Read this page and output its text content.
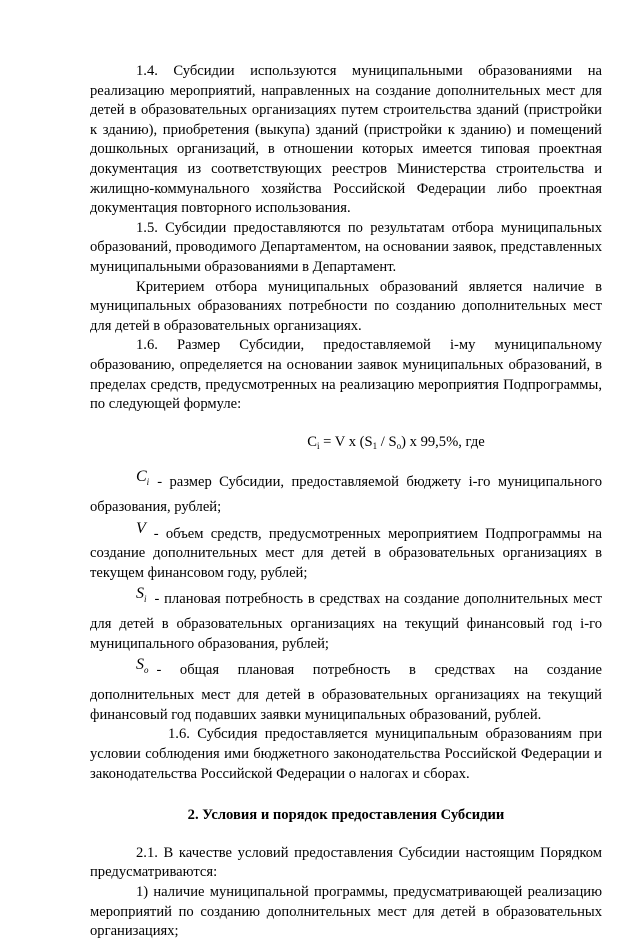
1.4. Субсидии используются муниципальными образованиями на реализацию мероприятий, направленных на создание дополнительных мест для детей в образовательных организациях путем строительства зданий (пристройки к зданию), приобретения (выкупа) зданий (пристройки к зданию) и помещений дошкольных организаций, в отношении которых имеется типовая проектная документация из соответствующих реестров Министерства строительства и жилищно-коммунального хозяйства Российской Федерации либо проектная документация повторного использования.

1.5. Субсидии предоставляются по результатам отбора муниципальных образований, проводимого Департаментом, на основании заявок, представленных муниципальными образованиями в Департамент.

Критерием отбора муниципальных образований является наличие в муниципальных образованиях потребности по созданию дополнительных мест для детей в образовательных организациях.

1.6. Размер Субсидии, предоставляемой i-му муниципальному образованию, определяется на основании заявок муниципальных образований, в пределах средств, предусмотренных на реализацию мероприятия Подпрограммы, по следующей формуле:

$C_i = V$ x $(S_1 / S_o)$ x 99,5%, где

$C_i$ - размер Субсидии, предоставляемой бюджету i-го муниципального образования, рублей;

V - объем средств, предусмотренных мероприятием Подпрограммы на создание дополнительных мест для детей в образовательных организациях в текущем финансовом году, рублей;

$S_i$ - плановая потребность в средствах на создание дополнительных мест для детей в образовательных организациях на текущий финансовый год i-го муниципального образования, рублей;

$S_o$ - общая плановая потребность в средствах на создание дополнительных мест для детей в образовательных организациях на текущий финансовый год подавших заявки муниципальных образований, рублей.

1.6. Субсидия предоставляется муниципальным образованиям при условии соблюдения ими бюджетного законодательства Российской Федерации и законодательства Российской Федерации о налогах и сборах.

2. Условия и порядок предоставления Субсидии

2.1. В качестве условий предоставления Субсидии настоящим Порядком предусматриваются:

1) наличие муниципальной программы, предусматривающей реализацию мероприятий по созданию дополнительных мест для детей в образовательных организациях;
